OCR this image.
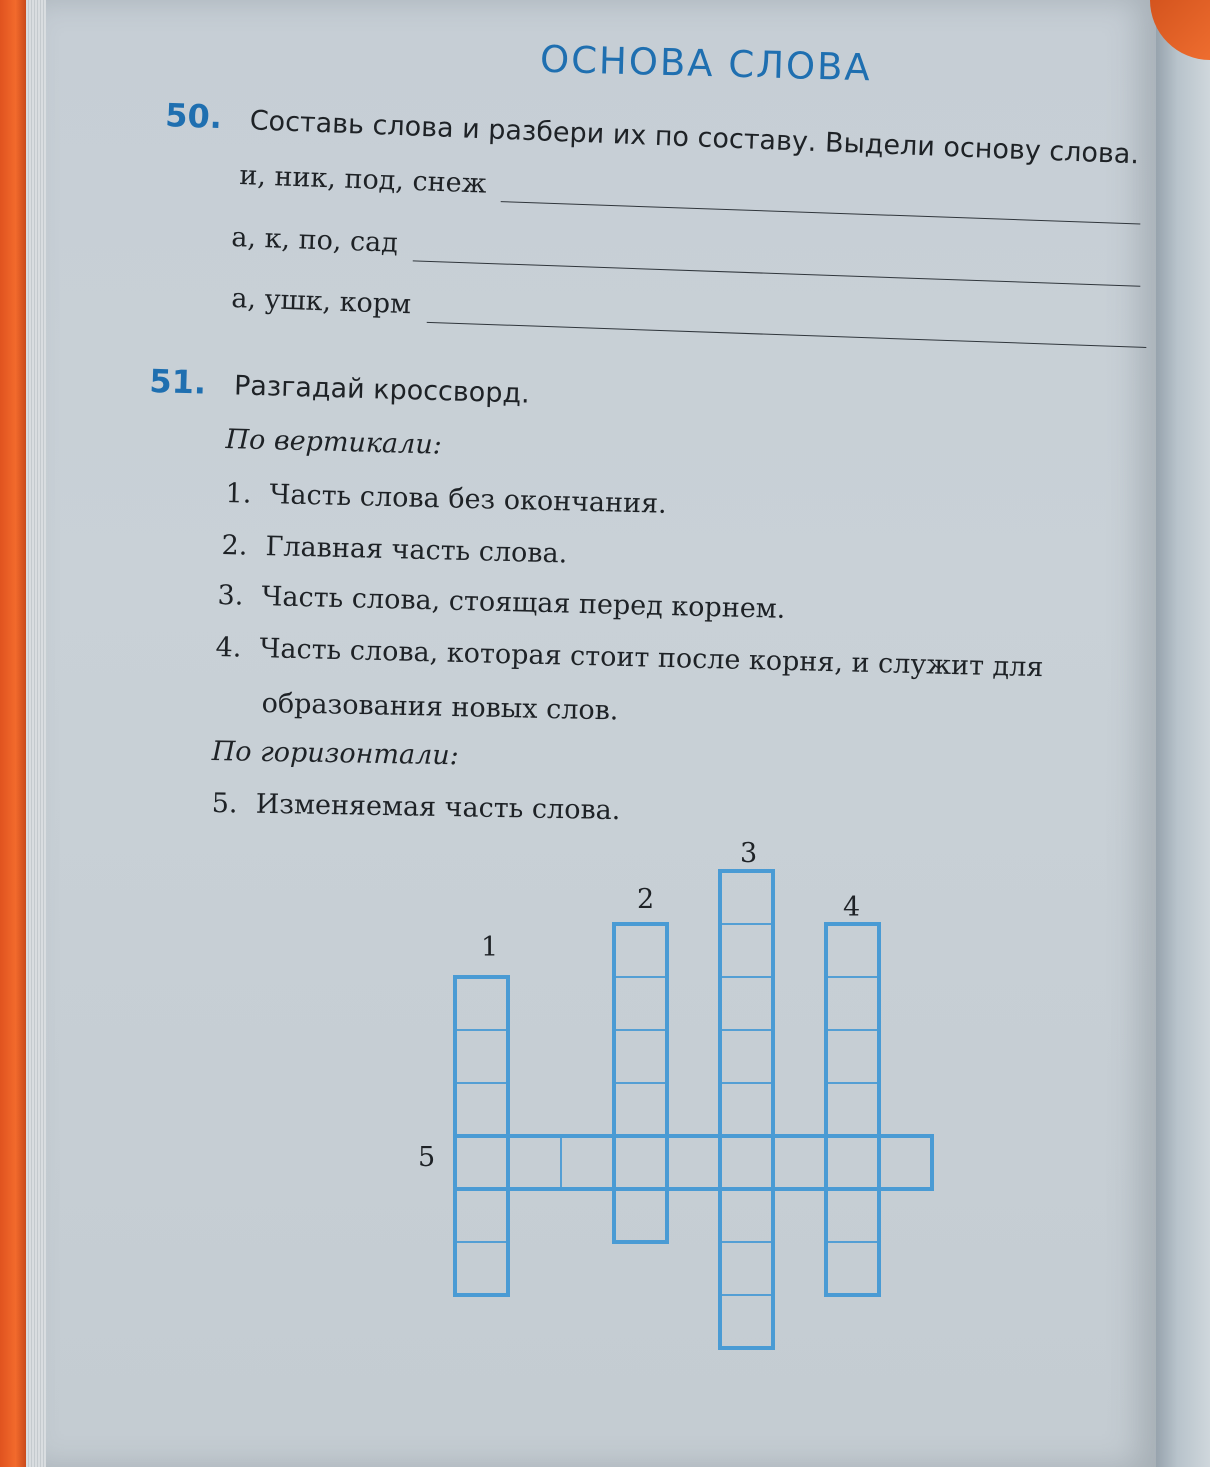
ОСНОВА СЛОВА
50. Составь слова и разбери их по составу. Выдели основу слова.
и, ник, под, снеж
а, к, по, сад
а, ушк, корм
51. Разгадай кроссворд.
По вертикали:
1. Часть слова без окончания.
2. Главная часть слова.
3. Часть слова, стоящая перед корнем.
4. Часть слова, которая стоит после корня, и служит для
образования новых слов.
По горизонтали:
5. Изменяемая часть слова.
1
2
3
4
5
